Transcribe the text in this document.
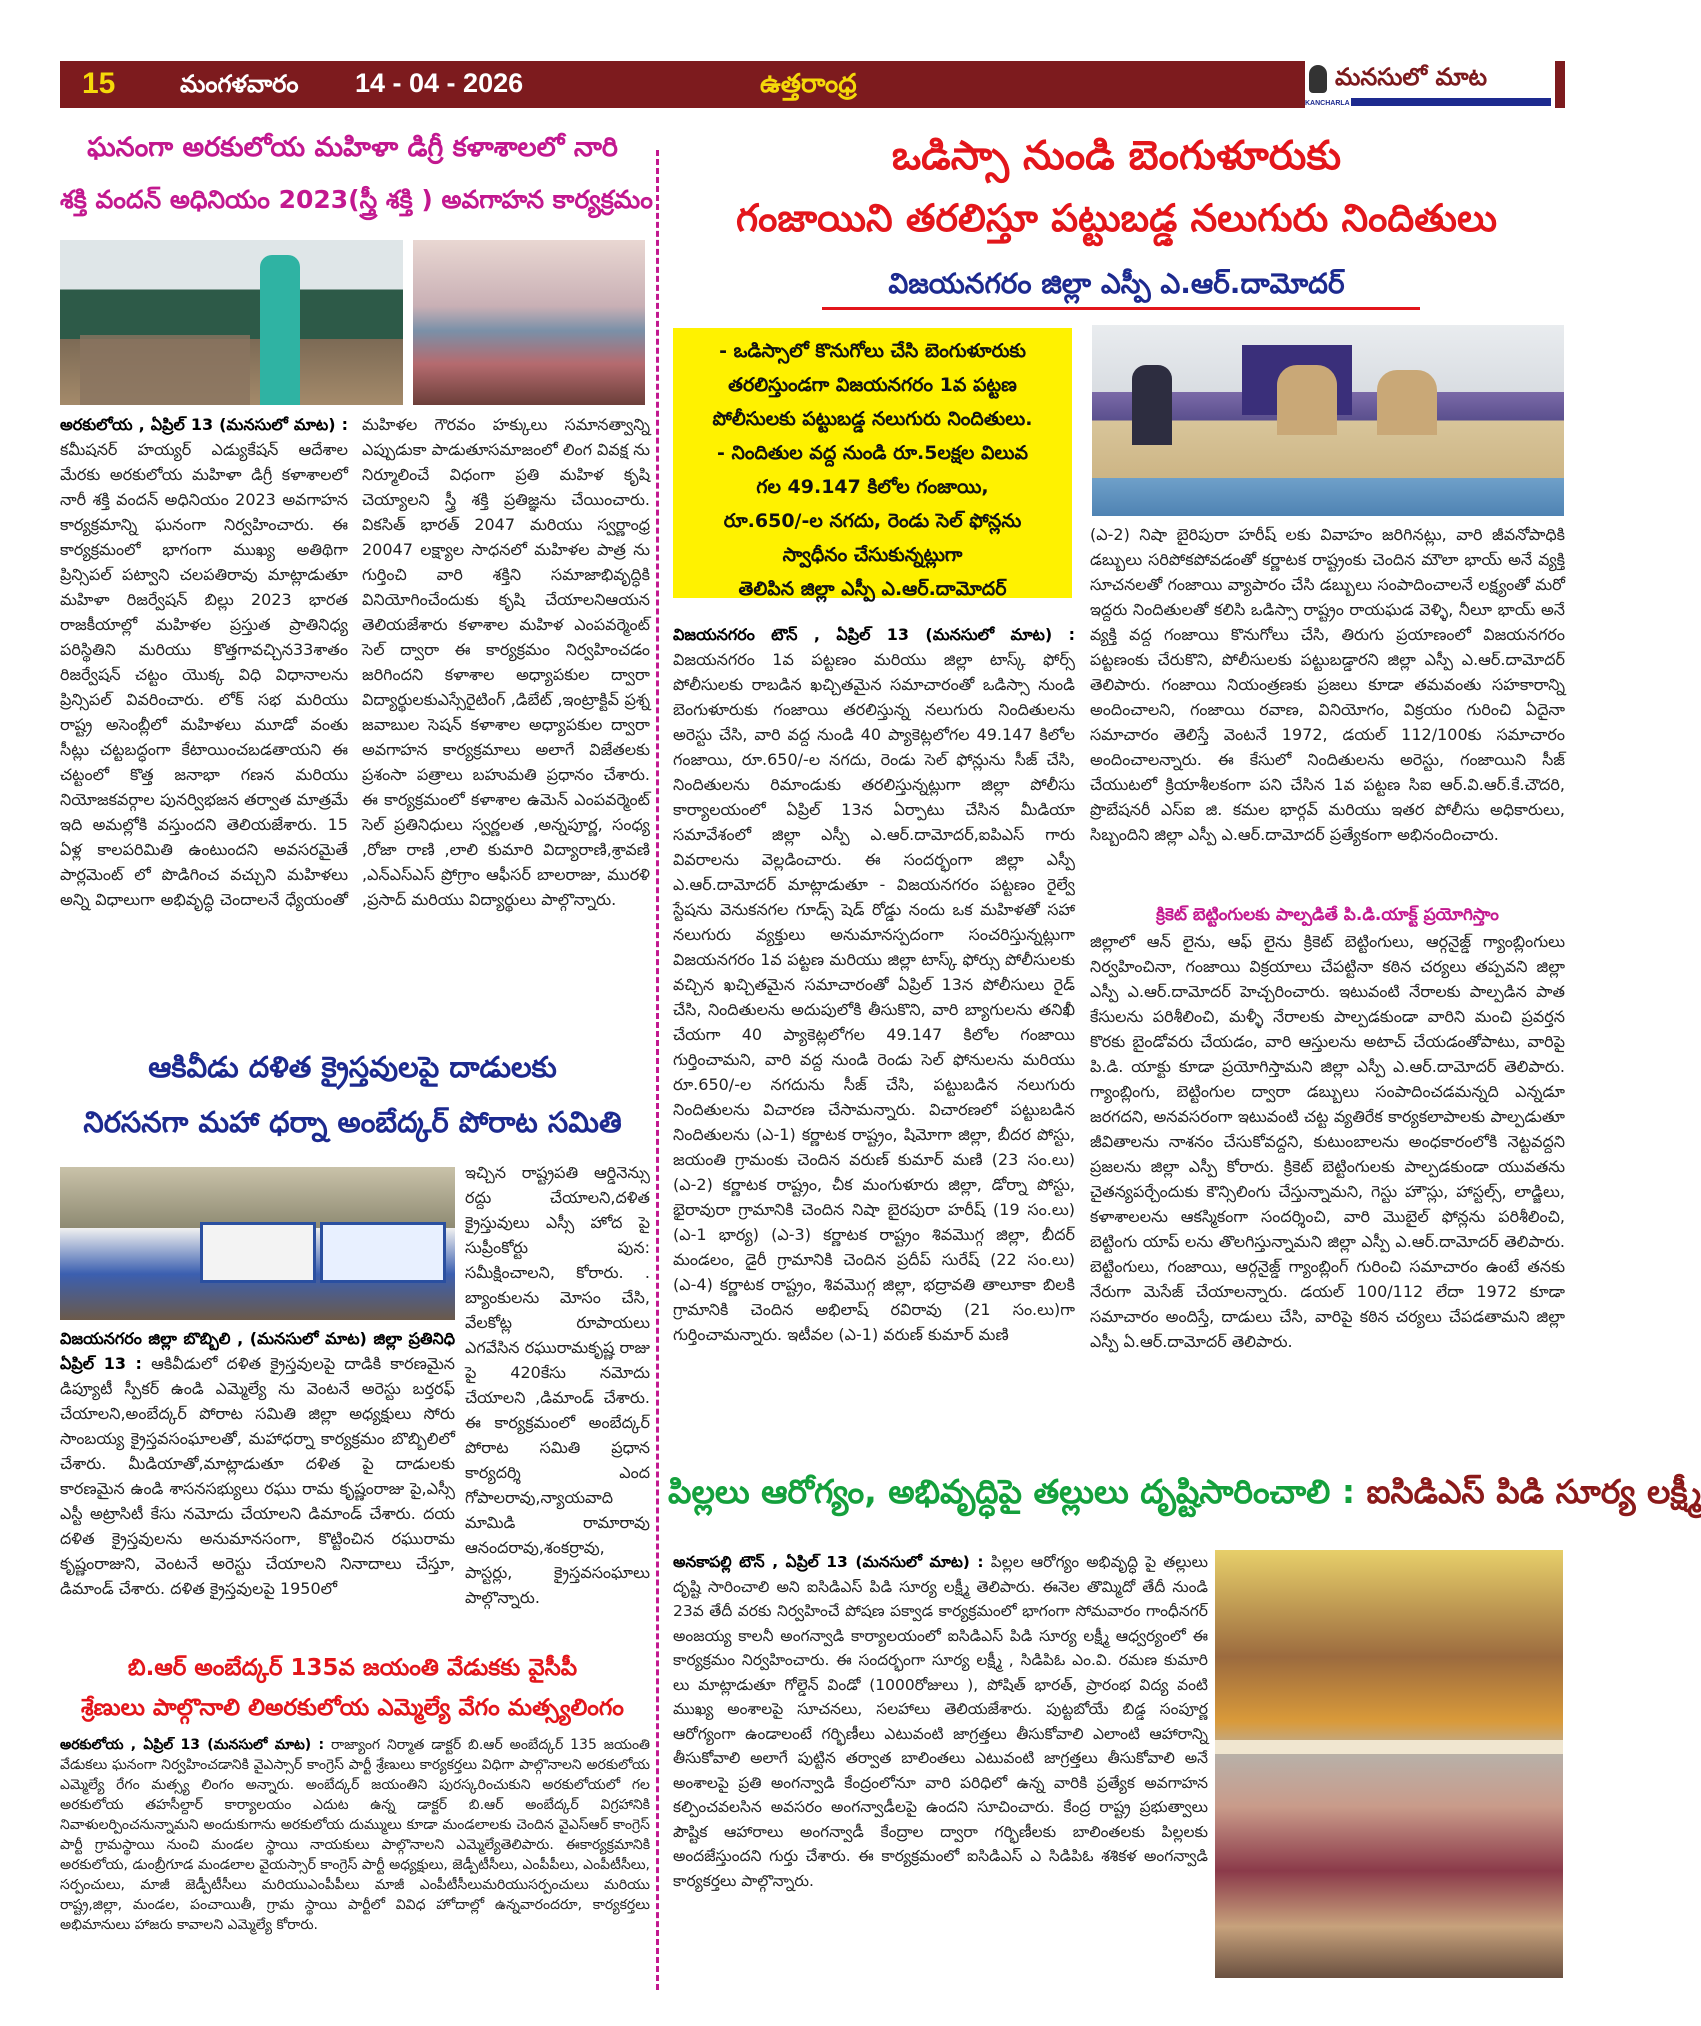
15	మంగళవారం 14 - 04 - 2026	ఉత్తరాంధ్ర	మనసులో మాట
KANCHARLA
ఘనంగా అరకులోయ మహిళా డిగ్రీ కళాశాలలో నారి
శక్తి వందన్ అధినియం 2023(స్త్రీ శక్తి ) అవగాహన కార్యక్రమం
అరకులోయ , ఏప్రిల్ 13 (మనసులో మాట) : కమీషనర్ హయ్యర్ ఎడ్యుకేషన్ ఆదేశాల మేరకు అరకులోయ మహిళా డిగ్రీ కళాశాలలో నారీ శక్తి వందన్ అధినియం 2023 అవగాహన కార్యక్రమాన్ని ఘనంగా నిర్వహించారు. ఈ కార్యక్రమంలో భాగంగా ముఖ్య అతిథిగా ప్రిన్సిపల్ పట్వాని చలపతిరావు మాట్లాడుతూ మహిళా రిజర్వేషన్ బిల్లు 2023 భారత రాజకీయాల్లో మహిళల ప్రస్తుత ప్రాతినిధ్య పరిస్థితిని మరియు కొత్తగావచ్చిన33శాతం రిజర్వేషన్ చట్టం యొక్క విధి విధానాలను ప్రిన్సిపల్ వివరించారు. లోక్ సభ మరియు రాష్ట్ర అసెంబ్లీలో మహిళలు మూడో వంతు సీట్లు చట్టబద్ధంగా కేటాయించబడతాయని ఈ చట్టంలో కొత్త జనాభా గణన మరియు నియోజకవర్గాల పునర్విభజన తర్వాత మాత్రమే ఇది అమల్లోకి వస్తుందని తెలియజేశారు. 15 ఏళ్ల కాలపరిమితి ఉంటుందని అవసరమైతే పార్లమెంట్ లో పొడిగించ వచ్చుని మహిళలు అన్ని విధాలుగా అభివృద్ధి చెందాలనే ధ్యేయంతో మహిళల గౌరవం హక్కులు సమానత్వాన్ని ఎప్పుడుకా పాడుతూసమాజంలో లింగ వివక్ష ను నిర్మూలించే విధంగా ప్రతి మహిళ కృషి చెయ్యాలని స్త్రీ శక్తి ప్రతిజ్ఞను చేయించారు. వికసిత్ భారత్ 2047 మరియు స్వర్ణాంధ్ర 20047 లక్ష్యాల సాధనలో మహిళల పాత్ర ను గుర్తించి వారి శక్తిని సమాజాభివృద్ధికి వినియోగించేందుకు కృషి చేయాలనిఆయన తెలియజేశారు కళాశాల మహిళ ఎంపవర్మెంట్ సెల్ ద్వారా ఈ కార్యక్రమం నిర్వహించడం జరిగిందని కళాశాల అధ్యాపకుల ద్వారా విద్యార్థులకుఎస్సేరైటింగ్ ,డిబేట్ ,ఇంట్రాక్టివ్ ప్రశ్న జవాబుల సెషన్ కళాశాల అధ్యాపకుల ద్వారా అవగాహన కార్యక్రమాలు అలాగే విజేతలకు ప్రశంసా పత్రాలు బహుమతి ప్రధానం చేశారు. ఈ కార్యక్రమంలో కళాశాల ఉమెన్ ఎంపవర్మెంట్ సెల్ ప్రతినిధులు స్వర్ణలత ,అన్నపూర్ణ, సంధ్య ,రోజా రాణి ,లాలి కుమారి విద్యారాణి,శ్రావణి ,ఎన్ఎస్ఎస్ ప్రోగ్రాం ఆఫీసర్ బాలరాజు, మురళి ,ప్రసాద్ మరియు విద్యార్థులు పాల్గొన్నారు.
ఆకివీడు దళిత క్రైస్తవులపై దాడులకు
నిరసనగా మహా ధర్నా అంబేద్కర్ పోరాట సమితి
ఇచ్చిన రాష్ట్రపతి ఆర్డినెన్సు రద్దు చేయాలని,దళిత క్రైస్తువులు ఎస్సీ హోద పై సుప్రీంకోర్టు పున: సమీక్షించాలని, కోరారు. . బ్యాంకులను మోసం చేసి, వేలకోట్ల రూపాయలు ఎగవేసిన రఘురామకృష్ణ రాజు పై 420కేసు నమోదు చేయాలని ,డిమాండ్ చేశారు. ఈ కార్యక్రమంలో అంబేద్కర్ పోరాట సమితి ప్రధాన కార్యదర్శి ఎంద గోపాలరావు,న్యాయవాది మామిడి రామారావు ఆనందరావు,శంకర్రావు, పాస్టర్లు, క్రైస్తవసంఘాలు పాల్గొన్నారు.
విజయనగరం జిల్లా బొబ్బిలి , (మనసులో మాట) జిల్లా ప్రతినిధి ఏప్రిల్ 13 : ఆకివీడులో దళిత క్రైస్తవులపై దాడికి కారణమైన డిప్యూటీ స్పీకర్ ఉండి ఎమ్మెల్యే ను వెంటనే అరెస్టు బర్తరఫ్ చేయాలని,అంబేద్కర్ పోరాట సమితి జిల్లా అధ్యక్షులు సోరు సాంబయ్య క్రైస్తవసంఘాలతో, మహాధర్నా కార్యక్రమం బొబ్బిలిలో చేశారు. మీడియాతో,మాట్లాడుతూ దళిత పై దాడులకు కారణమైన ఉండి శాసనసభ్యులు రఘు రామ కృష్ణంరాజు పై,ఎస్సీ ఎస్టీ అట్రాసిటీ కేసు నమోదు చేయాలని డిమాండ్ చేశారు. దయ దళిత క్రైస్తవులను అనుమానసంగా, కొట్టించిన రఘురామ కృష్ణంరాజుని, వెంటనే అరెస్టు చేయాలని నినాదాలు చేస్తూ, డిమాండ్ చేశారు. దళిత క్రైస్తవులపై 1950లో
బి.ఆర్ అంబేద్కర్ 135వ జయంతి వేడుకకు వైసీపీ
శ్రేణులు పాల్గొనాలి లిఅరకులోయ ఎమ్మెల్యే వేగం మత్స్యలింగం
అరకులోయ , ఏప్రిల్ 13 (మనసులో మాట) : రాజ్యాంగ నిర్మాత డాక్టర్ బి.ఆర్ అంబేద్కర్ 135 జయంతి వేడుకలు ఘనంగా నిర్వహించడానికి వైఎస్సార్ కాంగ్రెస్ పార్టీ శ్రేణులు కార్యకర్తలు విధిగా పాల్గొనాలని అరకులోయ ఎమ్మెల్యే రేగం మత్స్య లింగం అన్నారు. అంబేద్కర్ జయంతిని పురస్కరించుకుని అరకులోయలో గల అరకులోయ తహసీల్దార్ కార్యాలయం ఎదుట ఉన్న డాక్టర్ బి.ఆర్ అంబేద్కర్ విగ్రహానికి నివాళులర్పించనున్నామని అందుకుగాను అరకులోయ దుమ్ములు కూడా మండలాలకు చెందిన వైఎస్ఆర్ కాంగ్రెస్ పార్టీ గ్రామస్థాయి నుంచి మండల స్థాయి నాయకులు పాల్గొనాలని ఎమ్మెల్యేతెలిపారు. ఈకార్యక్రమానికి అరకులోయ, డుంబ్రీగూడ మండలాల వైయస్సార్ కాంగ్రెస్ పార్టీ అధ్యక్షులు, జెడ్పీటీసీలు, ఎంపీపీలు, ఎంపీటీసీలు, సర్పంచులు, మాజీ జెడ్పీటీసీలు మరియుఎంపీపీలు మాజీ ఎంపీటీసీలుమరియుసర్పంచులు మరియు రాష్ట్ర,జిల్లా, మండల, పంచాయితీ, గ్రామ స్థాయి పార్టీలో వివిధ హోదాల్లో ఉన్నవారందరూ, కార్యకర్తలు అభిమానులు హాజరు కావాలని ఎమ్మెల్యే కోరారు.
ఒడిస్సా నుండి బెంగుళూరుకు
గంజాయిని తరలిస్తూ పట్టుబడ్డ నలుగురు నిందితులు
విజయనగరం జిల్లా ఎస్పీ ఎ.ఆర్.దామోదర్
- ఒడిస్సాలో కొనుగోలు చేసి బెంగుళూరుకు
తరలిస్తుండగా విజయనగరం 1వ పట్టణ
పోలీసులకు పట్టుబడ్డ నలుగురు నిందితులు.
- నిందితుల వద్ద నుండి రూ.5లక్షల విలువ
గల 49.147 కిలోల గంజాయి,
రూ.650/-ల నగదు, రెండు సెల్ ఫోన్లను
స్వాధీనం చేసుకున్నట్లుగా
తెలిపిన జిల్లా ఎస్పీ ఎ.ఆర్.దామోదర్
విజయనగరం టౌన్ , ఏప్రిల్ 13 (మనసులో మాట) : విజయనగరం 1వ పట్టణం మరియు జిల్లా టాస్క్ ఫోర్స్ పోలీసులకు రాబడిన ఖచ్చితమైన సమాచారంతో ఒడిస్సా నుండి బెంగుళూరుకు గంజాయి తరలిస్తున్న నలుగురు నిందితులను అరెస్టు చేసి, వారి వద్ద నుండి 40 ప్యాకెట్లలోగల 49.147 కిలోల గంజాయి, రూ.650/-ల నగదు, రెండు సెల్ ఫోన్లును సీజ్ చేసి, నిందితులను రిమాండుకు తరలిస్తున్నట్లుగా జిల్లా పోలీసు కార్యాలయంలో ఏప్రిల్ 13న ఏర్పాటు చేసిన మీడియా సమావేశంలో జిల్లా ఎస్పీ ఎ.ఆర్.దామోదర్,ఐపిఎస్ గారు వివరాలను వెల్లడించారు. ఈ సందర్భంగా జిల్లా ఎస్పీ ఎ.ఆర్.దామోదర్ మాట్లాడుతూ - విజయనగరం పట్టణం రైల్వే స్టేషను వెనుకనగల గూడ్స్ షెడ్ రోడ్డు నందు ఒక మహిళతో సహా నలుగురు వ్యక్తులు అనుమానస్పదంగా సంచరిస్తున్నట్లుగా విజయనగరం 1వ పట్టణ మరియు జిల్లా టాస్క్ ఫోర్సు పోలీసులకు వచ్చిన ఖచ్చితమైన సమాచారంతో ఏప్రిల్ 13న పోలీసులు రైడ్ చేసి, నిందితులను అదుపులోకి తీసుకొని, వారి బ్యాగులను తనిఖీ చేయగా 40 ప్యాకెట్లలోగల 49.147 కిలోల గంజాయి గుర్తించామని, వారి వద్ద నుండి రెండు సెల్ ఫోనులను మరియు రూ.650/-ల నగదును సీజ్ చేసి, పట్టుబడిన నలుగురు నిందితులను విచారణ చేసామన్నారు. విచారణలో పట్టుబడిన నిందితులను (ఎ-1) కర్ణాటక రాష్ట్రం, షిమోగా జిల్లా, బీదర పోస్టు, జయంతి గ్రామంకు చెందిన వరుణ్ కుమార్ మణి (23 సం.లు) (ఎ-2) కర్ణాటక రాష్ట్రం, చీక మంగుళూరు జిల్లా, డోర్నా పోస్టు, భైరావురా గ్రామానికి చెందిన నిషా బైరపురా హరీష్ (19 సం.లు) (ఎ-1 భార్య) (ఎ-3) కర్ణాటక రాష్ట్రం శివమొగ్గ జిల్లా, బీదర్ మండలం, డైరీ గ్రామానికి చెందిన ప్రదీప్ సురేష్ (22 సం.లు) (ఎ-4) కర్ణాటక రాష్ట్రం, శివమొగ్గ జిల్లా, భద్రావతి తాలూకా బిలకి గ్రామానికి చెందిన అభిలాష్ రవిరావు (21 సం.లు)గా గుర్తించామన్నారు. ఇటీవల (ఎ-1) వరుణ్ కుమార్ మణి
(ఎ-2) నిషా బైరిపురా హరీష్ లకు వివాహం జరిగినట్లు, వారి జీవనోపాధికి డబ్బులు సరిపోకపోవడంతో కర్ణాటక రాష్ట్రంకు చెందిన మౌలా భాయ్ అనే వ్యక్తి సూచనలతో గంజాయి వ్యాపారం చేసి డబ్బులు సంపాదించాలనే లక్ష్యంతో మరో ఇద్దరు నిందితులతో కలిసి ఒడిస్సా రాష్ట్రం రాయఘడ వెళ్ళి, నీలూ భాయ్ అనే వ్యక్తి వద్ద గంజాయి కొనుగోలు చేసి, తిరుగు ప్రయాణంలో విజయనగరం పట్టణంకు చేరుకొని, పోలీసులకు పట్టుబడ్డారని జిల్లా ఎస్పీ ఎ.ఆర్.దామోదర్ తెలిపారు. గంజాయి నియంత్రణకు ప్రజలు కూడా తమవంతు సహకారాన్ని అందించాలని, గంజాయి రవాణ, వినియోగం, విక్రయం గురించి ఏదైనా సమాచారం తెలిస్తే వెంటనే 1972, డయల్ 112/100కు సమాచారం అందించాలన్నారు. ఈ కేసులో నిందితులను అరెస్టు, గంజాయిని సీజ్ చేయుటలో క్రియాశీలకంగా పని చేసిన 1వ పట్టణ సిఐ ఆర్.వి.ఆర్.కే.చౌదరి, ప్రొబేషనరీ ఎస్ఐ జి. కమల భార్గవ్ మరియు ఇతర పోలీసు అధికారులు, సిబ్బందిని జిల్లా ఎస్పీ ఎ.ఆర్.దామోదర్ ప్రత్యేకంగా అభినందించారు.
క్రికెట్ బెట్టింగులకు పాల్పడితే పి.డి.యాక్ట్ ప్రయోగిస్తాం
జిల్లాలో ఆన్ లైను, ఆఫ్ లైను క్రికెట్ బెట్టింగులు, ఆర్గనైజ్డ్ గ్యాంబ్లింగులు నిర్వహించినా, గంజాయి విక్రయాలు చేపట్టినా కఠిన చర్యలు తప్పవని జిల్లా ఎస్పీ ఎ.ఆర్.దామోదర్ హెచ్చరించారు. ఇటువంటి నేరాలకు పాల్పడిన పాత కేసులను పరిశీలించి, మళ్ళీ నేరాలకు పాల్పడకుండా వారిని మంచి ప్రవర్తన కొరకు బైండోవరు చేయడం, వారి ఆస్తులను అటాచ్ చేయడంతోపాటు, వారిపై పి.డి. యాక్టు కూడా ప్రయోగిస్తామని జిల్లా ఎస్పీ ఎ.ఆర్.దామోదర్ తెలిపారు. గ్యాంబ్లింగు, బెట్టింగుల ద్వారా డబ్బులు సంపాదించడమన్నది ఎన్నడూ జరగదని, అనవసరంగా ఇటువంటి చట్ట వ్యతిరేక కార్యకలాపాలకు పాల్పడుతూ జీవితాలను నాశనం చేసుకోవద్దని, కుటుంబాలను అంధకారంలోకి నెట్టవద్దని ప్రజలను జిల్లా ఎస్పీ కోరారు. క్రికెట్ బెట్టింగులకు పాల్పడకుండా యువతను చైతన్యపర్చేందుకు కౌన్సిలింగు చేస్తున్నామని, గెస్టు హౌస్లు, హాస్టల్స్, లాడ్జిలు, కళాశాలలను ఆకస్మికంగా సందర్శించి, వారి మొబైల్ ఫోన్లను పరిశీలించి, బెట్టింగు యాప్ లను తొలగిస్తున్నామని జిల్లా ఎస్పీ ఎ.ఆర్.దామోదర్ తెలిపారు. బెట్టింగులు, గంజాయి, ఆర్గనైజ్డ్ గ్యాంబ్లింగ్ గురించి సమాచారం ఉంటే తనకు నేరుగా మెసేజ్ చేయాలన్నారు. డయల్ 100/112 లేదా 1972 కూడా సమాచారం అందిస్తే, దాడులు చేసి, వారిపై కఠిన చర్యలు చేపడతామని జిల్లా ఎస్పీ ఏ.ఆర్.దామోదర్ తెలిపారు.
పిల్లలు ఆరోగ్యం, అభివృద్ధిపై తల్లులు దృష్టిసారించాలి : ఐసిడిఎస్ పిడి సూర్య లక్ష్మీ
అనకాపల్లి టౌన్ , ఏప్రిల్ 13 (మనసులో మాట) : పిల్లల ఆరోగ్యం అభివృద్ధి పై తల్లులు దృష్టి సారించాలి అని ఐసిడిఎస్ పిడి సూర్య లక్ష్మీ తెలిపారు. ఈనెల తొమ్మిదో తేదీ నుండి 23వ తేదీ వరకు నిర్వహించే పోషణ పక్వాడ కార్యక్రమంలో భాగంగా సోమవారం గాంధీనగర్ అంజయ్య కాలనీ అంగన్వాడి కార్యాలయంలో ఐసిడిఎస్ పిడి సూర్య లక్ష్మీ ఆధ్వర్యంలో ఈ కార్యక్రమం నిర్వహించారు. ఈ సందర్భంగా సూర్య లక్ష్మీ , సిడిపిఓ ఎం.వి. రమణ కుమారి లు మాట్లాడుతూ గోల్డెన్ విండో (1000రోజులు ), పోషిత్ భారత్, ప్రారంభ విద్య వంటి ముఖ్య అంశాలపై సూచనలు, సలహాలు తెలియజేశారు. పుట్టబోయే బిడ్డ సంపూర్ణ ఆరోగ్యంగా ఉండాలంటే గర్భిణీలు ఎటువంటి జాగ్రత్తలు తీసుకోవాలి ఎలాంటి ఆహారాన్ని తీసుకోవాలి అలాగే పుట్టిన తర్వాత బాలింతలు ఎటువంటి జాగ్రత్తలు తీసుకోవాలి అనే అంశాలపై ప్రతి అంగన్వాడి కేంద్రంలోనూ వారి పరిధిలో ఉన్న వారికి ప్రత్యేక అవగాహన కల్పించవలసిన అవసరం అంగన్వాడీలపై ఉందని సూచించారు. కేంద్ర రాష్ట్ర ప్రభుత్వాలు పౌష్టిక ఆహారాలు అంగన్వాడీ కేంద్రాల ద్వారా గర్భిణీలకు బాలింతలకు పిల్లలకు అందజేస్తుందని గుర్తు చేశారు. ఈ కార్యక్రమంలో ఐసిడిఎస్ ఎ సిడిపిఓ శశికళ అంగన్వాడి కార్యకర్తలు పాల్గొన్నారు.
